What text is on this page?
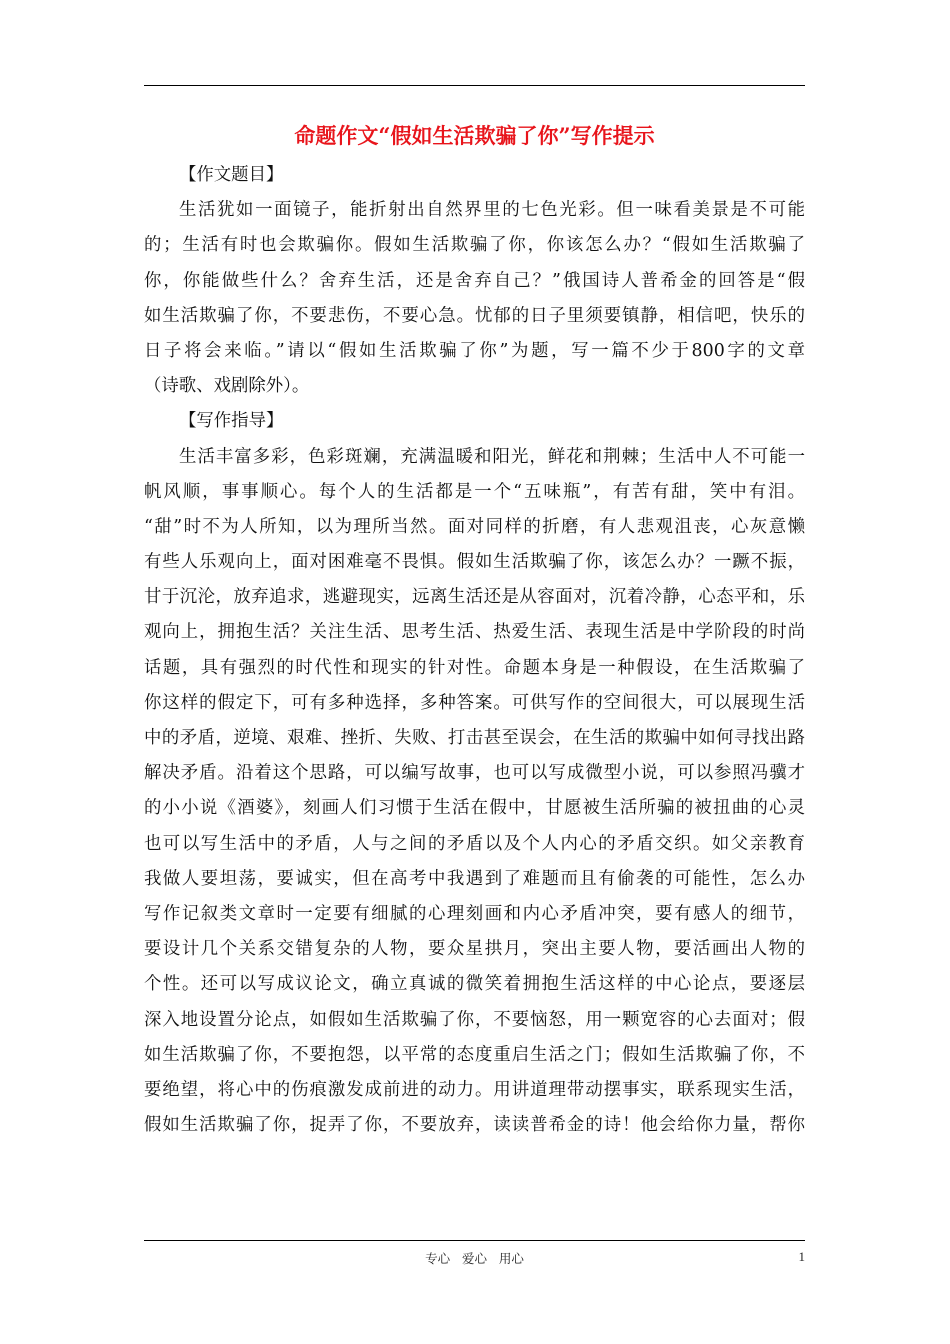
命题作文“假如生活欺骗了你”写作提示
【作文题目】
生活犹如一面镜子，能折射出自然界里的七色光彩。但一味看美景是不可能
的；生活有时也会欺骗你。假如生活欺骗了你，你该怎么办？“假如生活欺骗了
你，你能做些什么？舍弃生活，还是舍弃自己？”俄国诗人普希金的回答是“假
如生活欺骗了你，不要悲伤，不要心急。忧郁的日子里须要镇静，相信吧，快乐的
日子将会来临。”请以“假如生活欺骗了你”为题，写一篇不少于800字的文章
（诗歌、戏剧除外）。
【写作指导】
生活丰富多彩，色彩斑斓，充满温暖和阳光，鲜花和荆棘；生活中人不可能一
帆风顺，事事顺心。每个人的生活都是一个“五味瓶”，有苦有甜，笑中有泪。
“甜”时不为人所知，以为理所当然。面对同样的折磨，有人悲观沮丧，心灰意懒
有些人乐观向上，面对困难毫不畏惧。假如生活欺骗了你，该怎么办？一蹶不振，
甘于沉沦，放弃追求，逃避现实，远离生活还是从容面对，沉着冷静，心态平和，乐
观向上，拥抱生活？关注生活、思考生活、热爱生活、表现生活是中学阶段的时尚
话题，具有强烈的时代性和现实的针对性。命题本身是一种假设，在生活欺骗了
你这样的假定下，可有多种选择，多种答案。可供写作的空间很大，可以展现生活
中的矛盾，逆境、艰难、挫折、失败、打击甚至误会，在生活的欺骗中如何寻找出路
解决矛盾。沿着这个思路，可以编写故事，也可以写成微型小说，可以参照冯骥才
的小小说《酒婆》，刻画人们习惯于生活在假中，甘愿被生活所骗的被扭曲的心灵
也可以写生活中的矛盾，人与之间的矛盾以及个人内心的矛盾交织。如父亲教育
我做人要坦荡，要诚实，但在高考中我遇到了难题而且有偷袭的可能性，怎么办
写作记叙类文章时一定要有细腻的心理刻画和内心矛盾冲突，要有感人的细节，
要设计几个关系交错复杂的人物，要众星拱月，突出主要人物，要活画出人物的
个性。还可以写成议论文，确立真诚的微笑着拥抱生活这样的中心论点，要逐层
深入地设置分论点，如假如生活欺骗了你，不要恼怒，用一颗宽容的心去面对；假
如生活欺骗了你，不要抱怨，以平常的态度重启生活之门；假如生活欺骗了你，不
要绝望，将心中的伤痕激发成前进的动力。用讲道理带动摆事实，联系现实生活，
假如生活欺骗了你，捉弄了你，不要放弃，读读普希金的诗！他会给你力量，帮你
专心   爱心   用心	1
